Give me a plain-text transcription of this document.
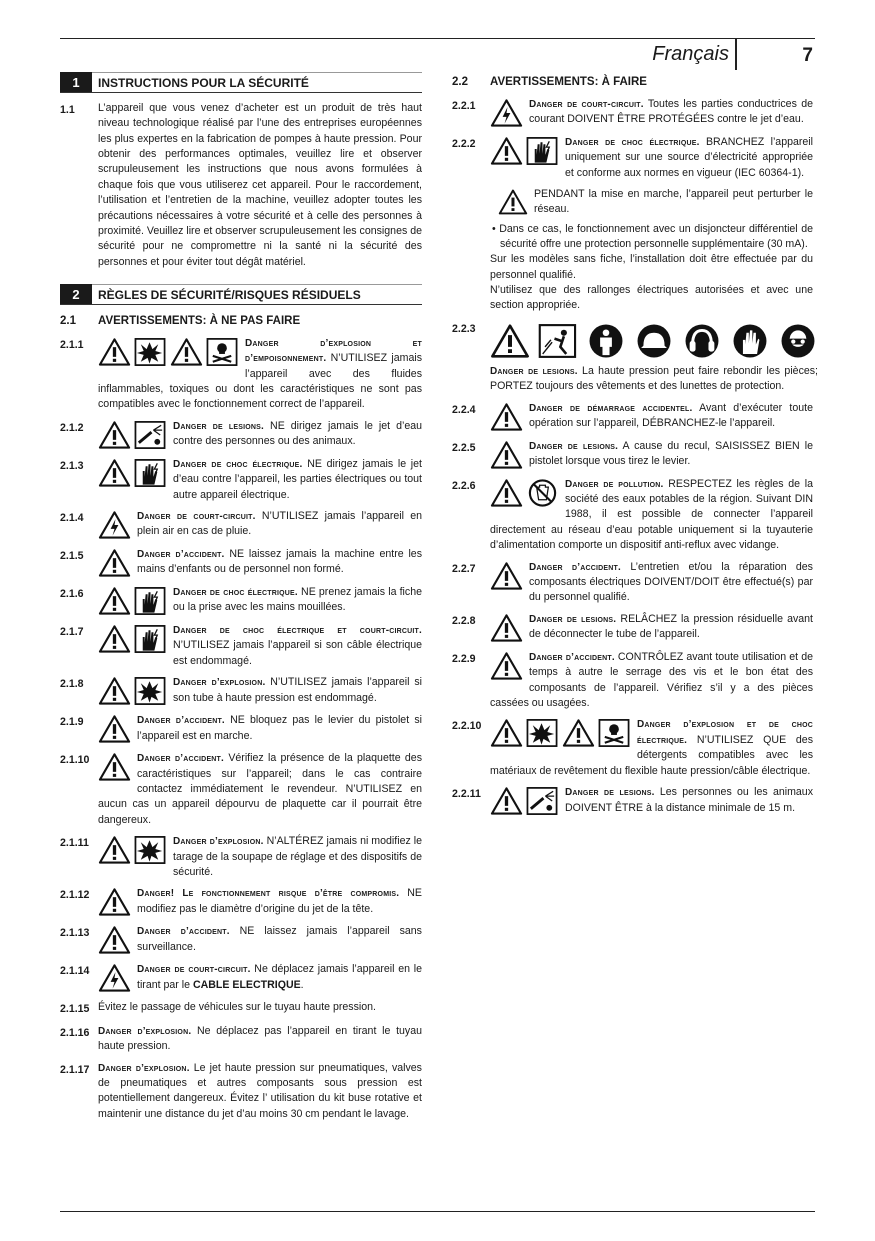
Français	7
1	INSTRUCTIONS POUR LA SÉCURITÉ
1.1	L’appareil que vous venez d’acheter est un produit de très haut niveau technologique réalisé par l’une des entreprises européennes les plus expertes en la fabrication de pompes à haute pression. Pour obtenir des performances optimales, veuillez lire et observer scrupuleusement les instructions que nous avons formulées à chaque fois que vous utiliserez cet appareil. Pour le raccordement, l’utilisation et l’entretien de la machine, veuillez adopter toutes les précautions nécessaires à votre sécurité et à celle des personnes à proximité. Veuillez lire et observer scrupuleusement les consignes de sécurité pour ne compromettre ni la santé ni la sécurité des personnes et pour éviter tout dégât matériel.
2	RÈGLES DE SÉCURITÉ/RISQUES RÉSIDUELS
2.1	AVERTISSEMENTS: À NE PAS FAIRE
2.1.1	Danger d’explosion et d’empoisonnement. N’UTILISEZ jamais l’appareil avec des fluides inflammables, toxiques ou dont les caractéristiques ne sont pas compatibles avec le fonctionnement correct de l’appareil.
2.1.2	Danger de lesions. NE dirigez jamais le jet d’eau contre des personnes ou des animaux.
2.1.3	Danger de choc électrique. NE dirigez jamais le jet d’eau contre l’appareil, les parties électriques ou tout autre appareil électrique.
2.1.4	Danger de court-circuit. N’UTILISEZ jamais l’appareil en plein air en cas de pluie.
2.1.5	Danger d’accident. NE laissez jamais la machine entre les mains d’enfants ou de personnel non formé.
2.1.6	Danger de choc électrique. NE prenez jamais la fiche ou la prise avec les mains mouillées.
2.1.7	Danger de choc électrique et court-circuit. N’UTILISEZ jamais l’appareil si son câble électrique est endommagé.
2.1.8	Danger d’explosion. N’UTILISEZ jamais l’appareil si son tube à haute pression est endommagé.
2.1.9	Danger d’accident. NE bloquez pas le levier du pistolet si l’appareil est en marche.
2.1.10	Danger d’accident. Vérifiez la présence de la plaquette des caractéristiques sur l’appareil; dans le cas contraire contactez immédiatement le revendeur. N’UTILISEZ en aucun cas un appareil dépourvu de plaquette car il pourrait être dangereux.
2.1.11	Danger d’explosion. N’ALTÉREZ jamais ni modifiez le tarage de la soupape de réglage et des dispositifs de sécurité.
2.1.12	Danger! Le fonctionnement risque d’être compromis. NE modifiez pas le diamètre d’origine du jet de la tête.
2.1.13	Danger d’accident. NE laissez jamais l’appareil sans surveillance.
2.1.14	Danger de court-circuit. Ne déplacez jamais l’appareil en le tirant par le CABLE ELECTRIQUE.
2.1.15 Évitez le passage de véhicules sur le tuyau haute pression.
2.1.16 Danger d’explosion. Ne déplacez pas l’appareil en tirant le tuyau haute pression.
2.1.17 Danger d’explosion. Le jet haute pression sur pneumatiques, valves de pneumatiques et autres composants sous pression est potentiellement dangereux. Évitez l’ utilisation du kit buse rotative et maintenir une distance du jet d’au moins 30 cm pendant le lavage.
2.2	AVERTISSEMENTS: À FAIRE
2.2.1	Danger de court-circuit. Toutes les parties conductrices de courant DOIVENT ÊTRE PROTÉGÉES contre le jet d’eau.
2.2.2	Danger de choc électrique. BRANCHEZ l’appareil uniquement sur une source d’électricité appropriée et conforme aux normes en vigueur (IEC 60364-1).
PENDANT la mise en marche, l’appareil peut perturber le réseau.
• Dans ce cas, le fonctionnement avec un disjoncteur différentiel de sécurité offre une protection personnelle supplémentaire (30 mA).
Sur les modèles sans fiche, l’installation doit être effectuée par du personnel qualifié.
N’utilisez que des rallonges électriques autorisées et avec une section appropriée.
2.2.3
Danger de lesions. La haute pression peut faire rebondir les pièces; PORTEZ toujours des vêtements et des lunettes de protection.
2.2.4	Danger de démarrage accidentel. Avant d’exécuter toute opération sur l’appareil, DÉBRANCHEZ-le l’appareil.
2.2.5	Danger de lesions. A cause du recul, SAISISSEZ BIEN le pistolet lorsque vous tirez le levier.
2.2.6	Danger de pollution. RESPECTEZ les règles de la société des eaux potables de la région. Suivant DIN 1988, il est possible de connecter l’appareil directement au réseau d’eau potable uniquement si la tuyauterie d’alimentation comporte un dispositif anti-reflux avec vidange.
2.2.7	Danger d’accident. L’entretien et/ou la réparation des composants électriques DOIVENT/DOIT être effectué(s) par du personnel qualifié.
2.2.8	Danger de lesions. RELÂCHEZ la pression résiduelle avant de déconnecter le tube de l’appareil.
2.2.9	Danger d’accident. CONTRÔLEZ avant toute utilisation et de temps à autre le serrage des vis et le bon état des composants de l’appareil. Vérifiez s’il y a des pièces cassées ou usagées.
2.2.10	Danger d’explosion et de choc électrique. N’UTILISEZ QUE des détergents compatibles avec les matériaux de revêtement du flexible haute pression/câble électrique.
2.2.11	Danger de lesions. Les personnes ou les animaux DOIVENT ÊTRE à la distance minimale de 15 m.
